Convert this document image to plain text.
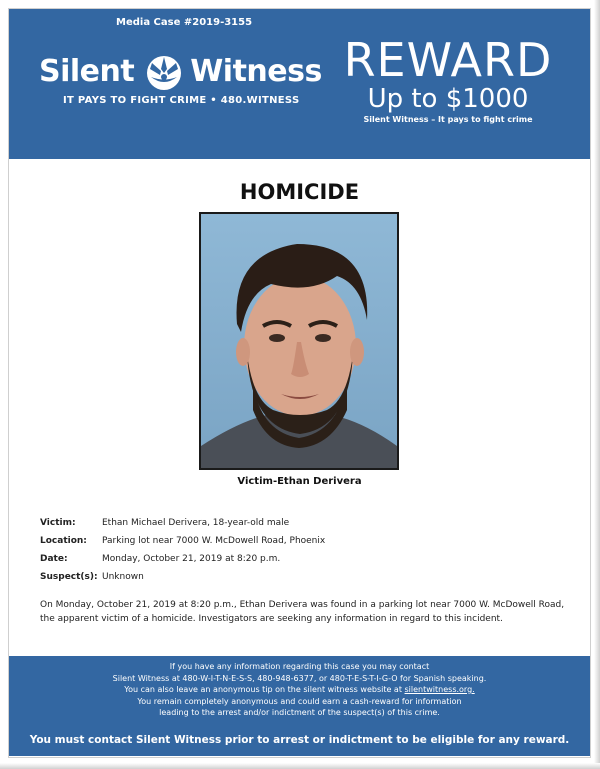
Media Case #2019-3155
Silent Witness
IT PAYS TO FIGHT CRIME • 480.WITNESS
REWARD
Up to $1000
Silent Witness – It pays to fight crime
HOMICIDE
Victim-Ethan Derivera
Victim:	Ethan Michael Derivera, 18-year-old male
Location:	Parking lot near 7000 W. McDowell Road, Phoenix
Date:	Monday, October 21, 2019 at 8:20 p.m.
Suspect(s): Unknown
On Monday, October 21, 2019 at 8:20 p.m., Ethan Derivera was found in a parking lot near 7000 W. McDowell Road, the apparent victim of a homicide. Investigators are seeking any information in regard to this incident.
If you have any information regarding this case you may contact
Silent Witness at 480-W-I-T-N-E-S-S, 480-948-6377, or 480-T-E-S-T-I-G-O for Spanish speaking.
You can also leave an anonymous tip on the silent witness website at silentwitness.org.
You remain completely anonymous and could earn a cash-reward for information
leading to the arrest and/or indictment of the suspect(s) of this crime.
You must contact Silent Witness prior to arrest or indictment to be eligible for any reward.
